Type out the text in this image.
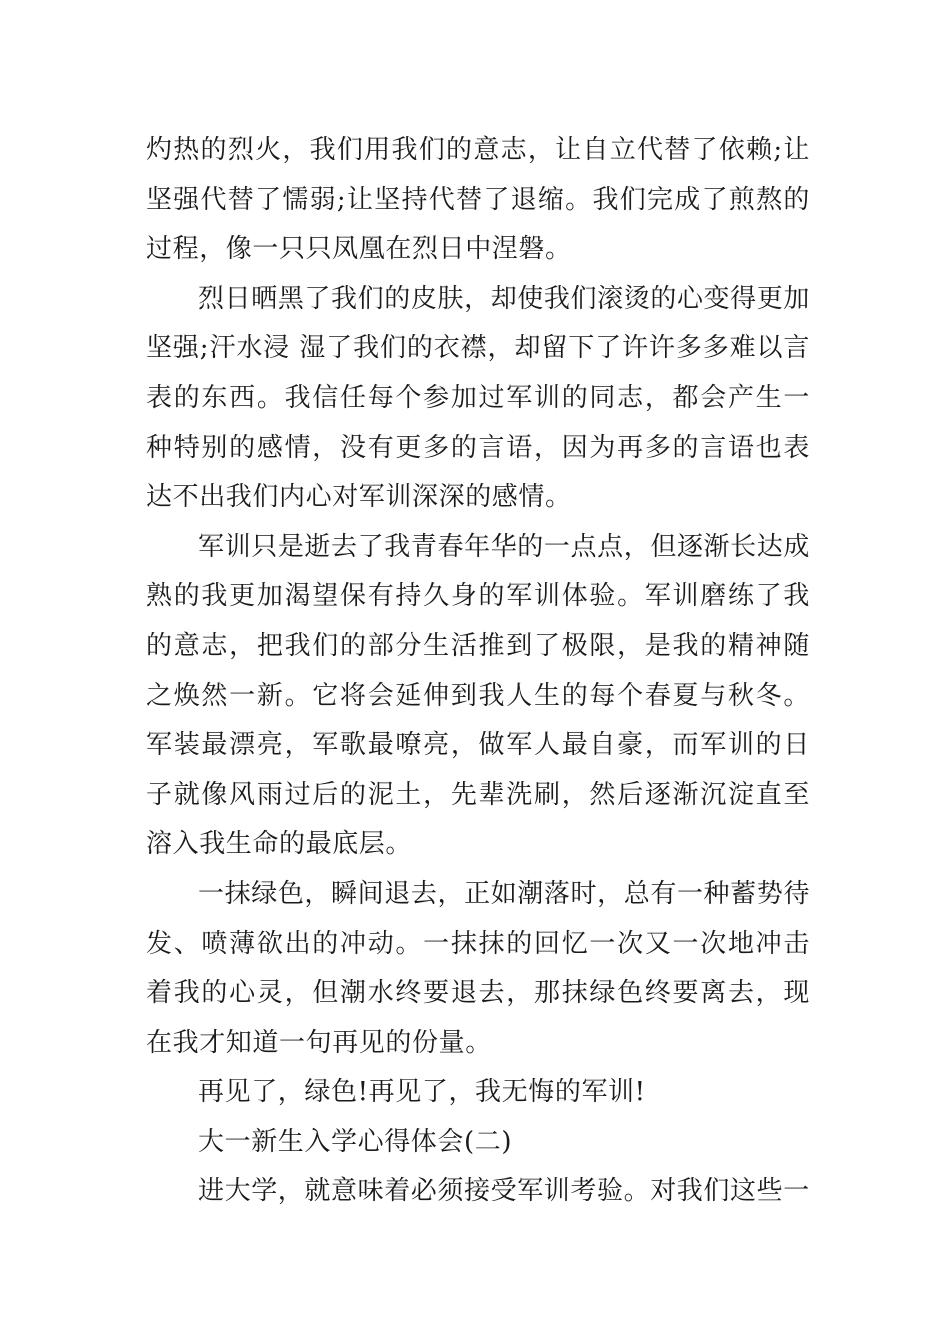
灼热的烈火，我们用我们的意志，让自立代替了依赖;让坚强代替了懦弱;让坚持代替了退缩。我们完成了煎熬的过程，像一只只凤凰在烈日中涅磐。

烈日晒黑了我们的皮肤，却使我们滚烫的心变得更加坚强;汗水浸 湿了我们的衣襟，却留下了许许多多难以言表的东西。我信任每个参加过军训的同志，都会产生一种特别的感情，没有更多的言语，因为再多的言语也表达不出我们内心对军训深深的感情。

军训只是逝去了我青春年华的一点点，但逐渐长达成熟的我更加渴望保有持久身的军训体验。军训磨练了我的意志，把我们的部分生活推到了极限，是我的精神随之焕然一新。它将会延伸到我人生的每个春夏与秋冬。军装最漂亮，军歌最嘹亮，做军人最自豪，而军训的日子就像风雨过后的泥土，先辈洗刷，然后逐渐沉淀直至溶入我生命的最底层。

一抹绿色，瞬间退去，正如潮落时，总有一种蓄势待发、喷薄欲出的冲动。一抹抹的回忆一次又一次地冲击着我的心灵，但潮水终要退去，那抹绿色终要离去，现在我才知道一句再见的份量。

再见了，绿色!再见了，我无悔的军训!

大一新生入学心得体会(二)

进大学，就意味着必须接受军训考验。对我们这些一
